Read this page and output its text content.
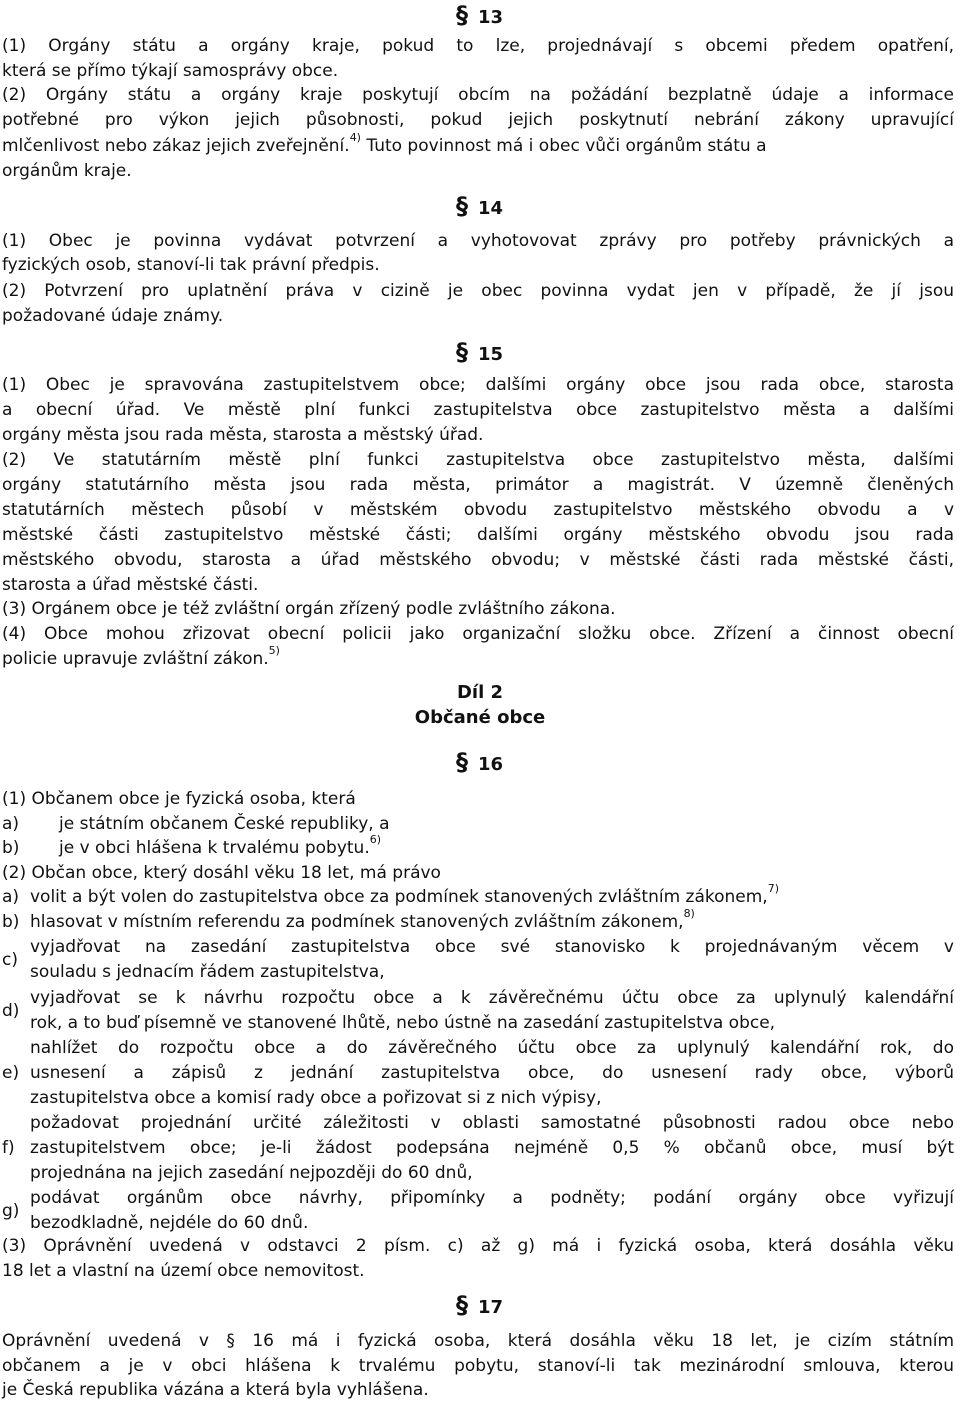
§ 13
(1) Orgány státu a orgány kraje, pokud to lze, projednávají s obcemi předem opatření,
která se přímo týkají samosprávy obce.
(2) Orgány státu a orgány kraje poskytují obcím na požádání bezplatně údaje a informace
potřebné pro výkon jejich působnosti, pokud jejich poskytnutí nebrání zákony upravující
mlčenlivost nebo zákaz jejich zveřejnění.$^{4)}$ Tuto povinnost má i obec vůči orgánům státu a
orgánům kraje.
§ 14
(1) Obec je povinna vydávat potvrzení a vyhotovovat zprávy pro potřeby právnických a
fyzických osob, stanoví-li tak právní předpis.
(2) Potvrzení pro uplatnění práva v cizině je obec povinna vydat jen v případě, že jí jsou
požadované údaje známy.
§ 15
(1) Obec je spravována zastupitelstvem obce; dalšími orgány obce jsou rada obce, starosta
a obecní úřad. Ve městě plní funkci zastupitelstva obce zastupitelstvo města a dalšími
orgány města jsou rada města, starosta a městský úřad.
(2) Ve statutárním městě plní funkci zastupitelstva obce zastupitelstvo města, dalšími
orgány statutárního města jsou rada města, primátor a magistrát. V územně členěných
statutárních městech působí v městském obvodu zastupitelstvo městského obvodu a v
městské části zastupitelstvo městské části; dalšími orgány městského obvodu jsou rada
městského obvodu, starosta a úřad městského obvodu; v městské části rada městské části,
starosta a úřad městské části.
(3) Orgánem obce je též zvláštní orgán zřízený podle zvláštního zákona.
(4) Obce mohou zřizovat obecní policii jako organizační složku obce. Zřízení a činnost obecní
policie upravuje zvláštní zákon.$^{5)}$
Díl 2
Občané obce
§ 16
(1) Občanem obce je fyzická osoba, která
a) je státním občanem České republiky, a
b) je v obci hlášena k trvalému pobytu.$^{6)}$
(2) Občan obce, který dosáhl věku 18 let, má právo
a) volit a být volen do zastupitelstva obce za podmínek stanovených zvláštním zákonem,$^{7)}$
b) hlasovat v místním referendu za podmínek stanovených zvláštním zákonem,$^{8)}$
c)
vyjadřovat na zasedání zastupitelstva obce své stanovisko k projednávaným věcem v
souladu s jednacím řádem zastupitelstva,
d)
vyjadřovat se k návrhu rozpočtu obce a k závěrečnému účtu obce za uplynulý kalendářní
rok, a to buď písemně ve stanovené lhůtě, nebo ústně na zasedání zastupitelstva obce,
e)
nahlížet do rozpočtu obce a do závěrečného účtu obce za uplynulý kalendářní rok, do
usnesení a zápisů z jednání zastupitelstva obce, do usnesení rady obce, výborů
zastupitelstva obce a komisí rady obce a pořizovat si z nich výpisy,
f)
požadovat projednání určité záležitosti v oblasti samostatné působnosti radou obce nebo
zastupitelstvem obce; je-li žádost podepsána nejméně 0,5 % občanů obce, musí být
projednána na jejich zasedání nejpozději do 60 dnů,
g)
podávat orgánům obce návrhy, připomínky a podněty; podání orgány obce vyřizují
bezodkladně, nejdéle do 60 dnů.
(3) Oprávnění uvedená v odstavci 2 písm. c) až g) má i fyzická osoba, která dosáhla věku
18 let a vlastní na území obce nemovitost.
§ 17
Oprávnění uvedená v § 16 má i fyzická osoba, která dosáhla věku 18 let, je cizím státním
občanem a je v obci hlášena k trvalému pobytu, stanoví-li tak mezinárodní smlouva, kterou
je Česká republika vázána a která byla vyhlášena.
